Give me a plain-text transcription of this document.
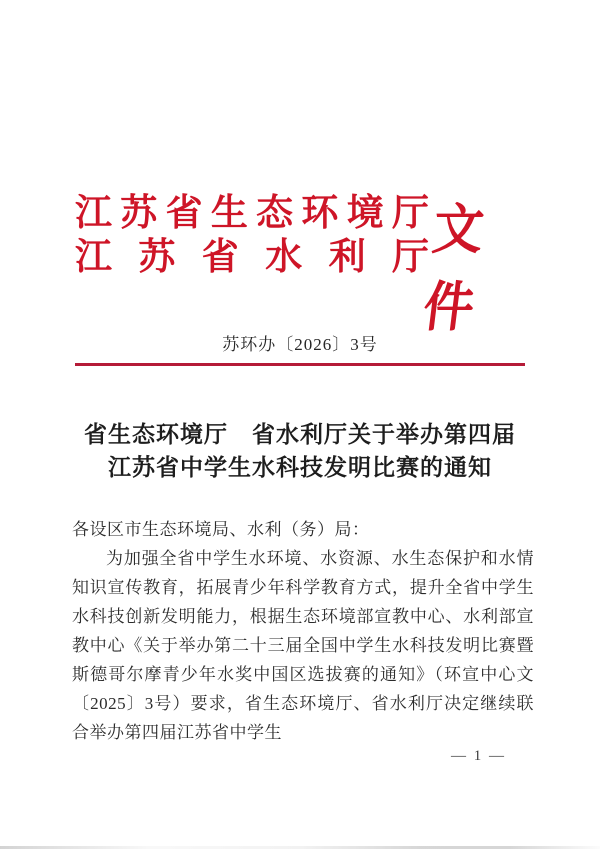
江苏省生态环境厅
江苏省水利厅 文件
苏环办〔2026〕3号
省生态环境厅　省水利厅关于举办第四届
江苏省中学生水科技发明比赛的通知

各设区市生态环境局、水利（务）局：

为加强全省中学生水环境、水资源、水生态保护和水情知识宣传教育，拓展青少年科学教育方式，提升全省中学生水科技创新发明能力，根据生态环境部宣教中心、水利部宣教中心《关于举办第二十三届全国中学生水科技发明比赛暨斯德哥尔摩青少年水奖中国区选拔赛的通知》（环宣中心文〔2025〕3号）要求，省生态环境厅、省水利厅决定继续联合举办第四届江苏省中学生

— 1 —
